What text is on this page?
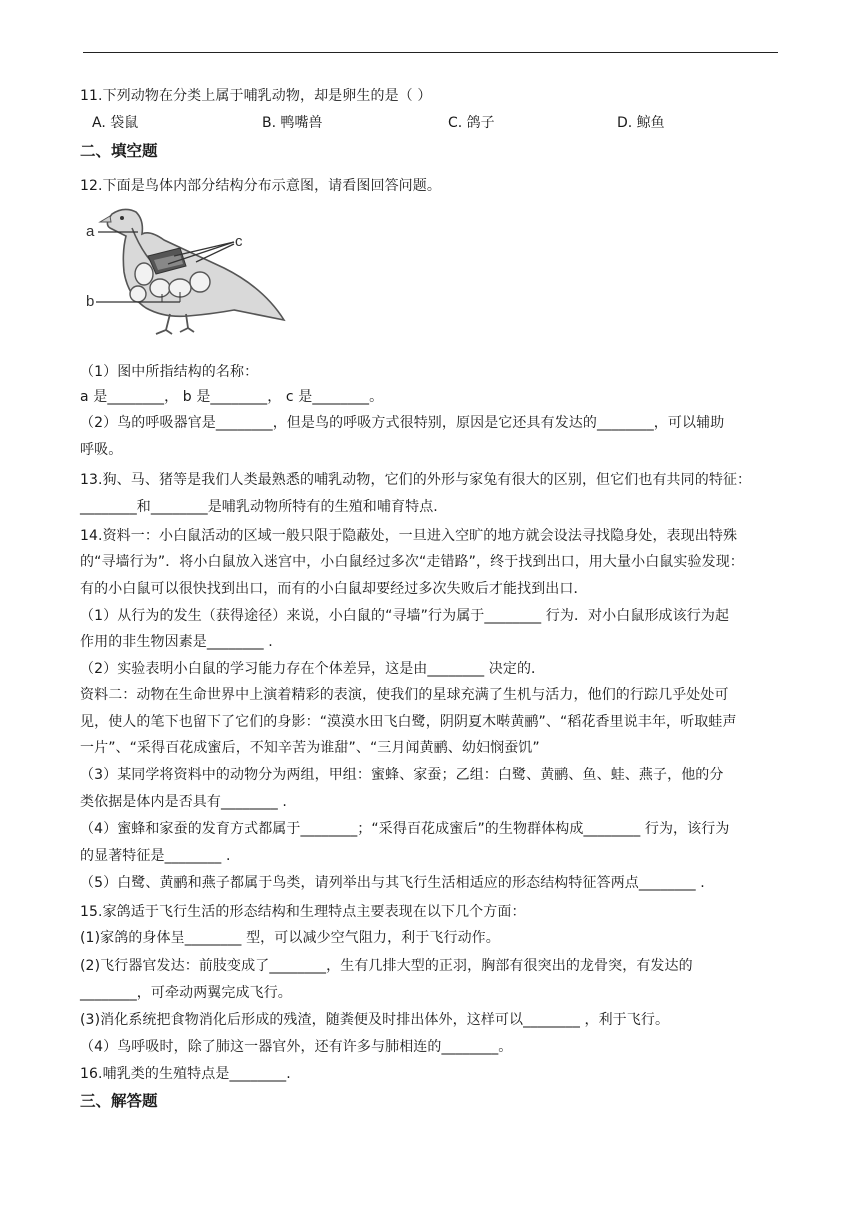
11.下列动物在分类上属于哺乳动物，却是卵生的是（ ）
A. 袋鼠	B. 鸭嘴兽	C. 鸽子	D. 鲸鱼
二、填空题
12.下面是鸟体内部分结构分布示意图，请看图回答问题。
a
b
c
（1）图中所指结构的名称：
a 是________， b 是________， c 是________。
（2）鸟的呼吸器官是________，但是鸟的呼吸方式很特别，原因是它还具有发达的________，可以辅助
呼吸。
13.狗、马、猪等是我们人类最熟悉的哺乳动物，它们的外形与家兔有很大的区别，但它们也有共同的特征：
________和________是哺乳动物所特有的生殖和哺育特点.
14.资料一：小白鼠活动的区域一般只限于隐蔽处，一旦进入空旷的地方就会设法寻找隐身处，表现出特殊
的“寻墙行为”．将小白鼠放入迷宫中，小白鼠经过多次“走错路”，终于找到出口，用大量小白鼠实验发现：
有的小白鼠可以很快找到出口，而有的小白鼠却要经过多次失败后才能找到出口．
（1）从行为的发生（获得途径）来说，小白鼠的“寻墙”行为属于________ 行为．对小白鼠形成该行为起
作用的非生物因素是________ .
（2）实验表明小白鼠的学习能力存在个体差异，这是由________ 决定的．
资料二：动物在生命世界中上演着精彩的表演，使我们的星球充满了生机与活力，他们的行踪几乎处处可
见，使人的笔下也留下了它们的身影：“漠漠水田飞白鹭，阴阴夏木啭黄鹂”、“稻花香里说丰年，听取蛙声
一片”、“采得百花成蜜后，不知辛苦为谁甜”、“三月闻黄鹂、幼妇悯蚕饥”
（3）某同学将资料中的动物分为两组，甲组：蜜蜂、家蚕；乙组：白鹭、黄鹂、鱼、蛙、燕子，他的分
类依据是体内是否具有________ .
（4）蜜蜂和家蚕的发育方式都属于________；“采得百花成蜜后”的生物群体构成________ 行为，该行为
的显著特征是________ .
（5）白鹭、黄鹂和燕子都属于鸟类，请列举出与其飞行生活相适应的形态结构特征答两点________ .
15.家鸽适于飞行生活的形态结构和生理特点主要表现在以下几个方面：
(1)家鸽的身体呈________ 型，可以减少空气阻力，利于飞行动作。
(2)飞行器官发达：前肢变成了________，生有几排大型的正羽，胸部有很突出的龙骨突，有发达的
________，可牵动两翼完成飞行。
(3)消化系统把食物消化后形成的残渣，随粪便及时排出体外，这样可以________ ，利于飞行。
（4）鸟呼吸时，除了肺这一器官外，还有许多与肺相连的________。
16.哺乳类的生殖特点是________.
三、解答题
